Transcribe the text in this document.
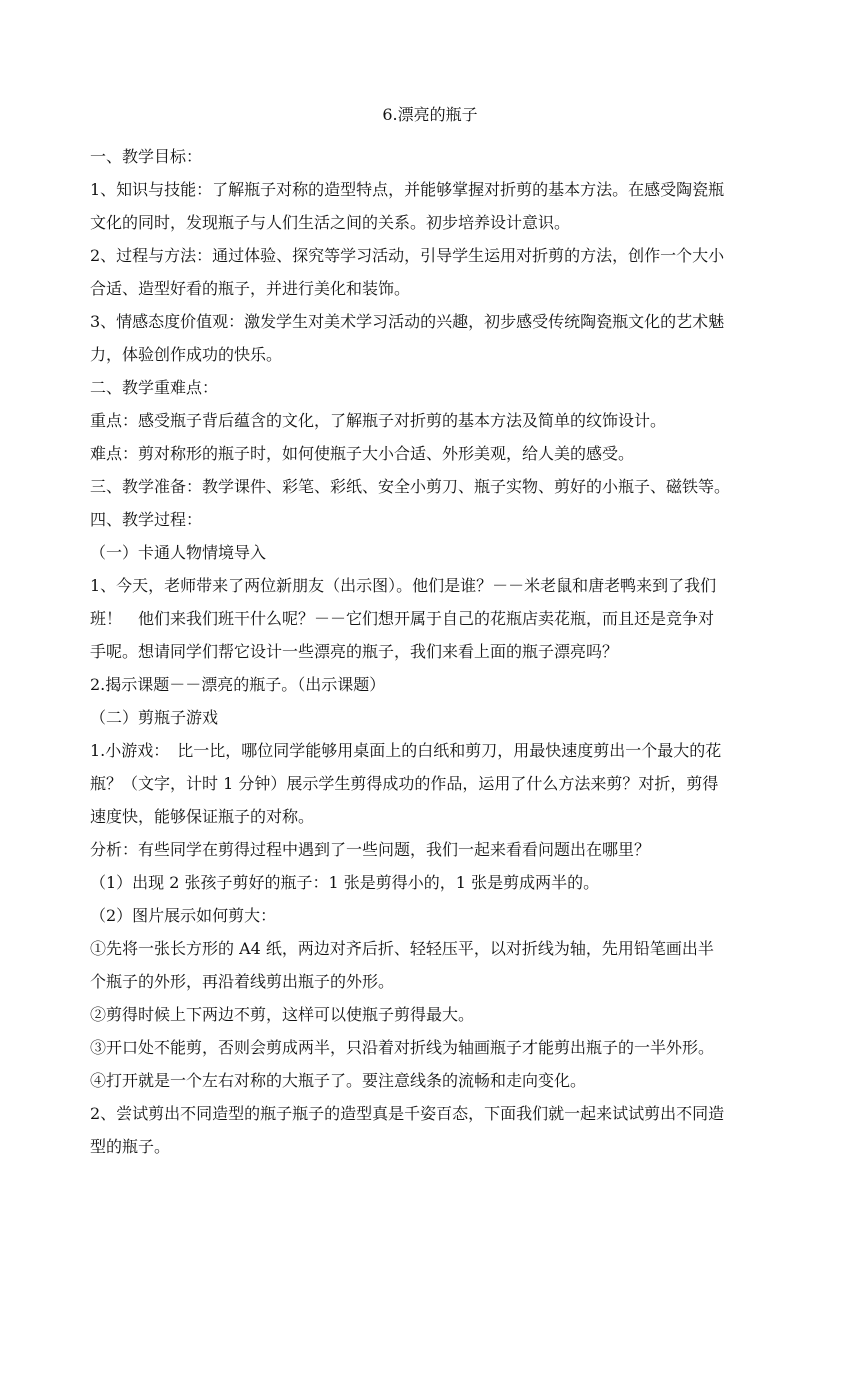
6.漂亮的瓶子
一、教学目标：
1、知识与技能：了解瓶子对称的造型特点，并能够掌握对折剪的基本方法。在感受陶瓷瓶
文化的同时，发现瓶子与人们生活之间的关系。初步培养设计意识。
2、过程与方法：通过体验、探究等学习活动，引导学生运用对折剪的方法，创作一个大小
合适、造型好看的瓶子，并进行美化和装饰。
3、情感态度价值观：激发学生对美术学习活动的兴趣，初步感受传统陶瓷瓶文化的艺术魅
力，体验创作成功的快乐。
二、教学重难点：
重点：感受瓶子背后蕴含的文化，了解瓶子对折剪的基本方法及简单的纹饰设计。
难点：剪对称形的瓶子时，如何使瓶子大小合适、外形美观，给人美的感受。
三、教学准备：教学课件、彩笔、彩纸、安全小剪刀、瓶子实物、剪好的小瓶子、磁铁等。
四、教学过程：
（一）卡通人物情境导入
1、今天，老师带来了两位新朋友（出示图）。他们是谁？－－米老鼠和唐老鸭来到了我们
班！　他们来我们班干什么呢？－－它们想开属于自己的花瓶店卖花瓶，而且还是竞争对
手呢。想请同学们帮它设计一些漂亮的瓶子，我们来看上面的瓶子漂亮吗？
2.揭示课题－－漂亮的瓶子。（出示课题）
（二）剪瓶子游戏
1.小游戏：　比一比，哪位同学能够用桌面上的白纸和剪刀，用最快速度剪出一个最大的花
瓶？（文字，计时 1 分钟）展示学生剪得成功的作品，运用了什么方法来剪？对折，剪得
速度快，能够保证瓶子的对称。
分析：有些同学在剪得过程中遇到了一些问题，我们一起来看看问题出在哪里？
（1）出现 2 张孩子剪好的瓶子：1 张是剪得小的，1 张是剪成两半的。
（2）图片展示如何剪大：
①先将一张长方形的 A4 纸，两边对齐后折、轻轻压平，以对折线为轴，先用铅笔画出半
个瓶子的外形，再沿着线剪出瓶子的外形。
②剪得时候上下两边不剪，这样可以使瓶子剪得最大。
③开口处不能剪，否则会剪成两半，只沿着对折线为轴画瓶子才能剪出瓶子的一半外形。
④打开就是一个左右对称的大瓶子了。要注意线条的流畅和走向变化。
2、尝试剪出不同造型的瓶子瓶子的造型真是千姿百态，下面我们就一起来试试剪出不同造
型的瓶子。
